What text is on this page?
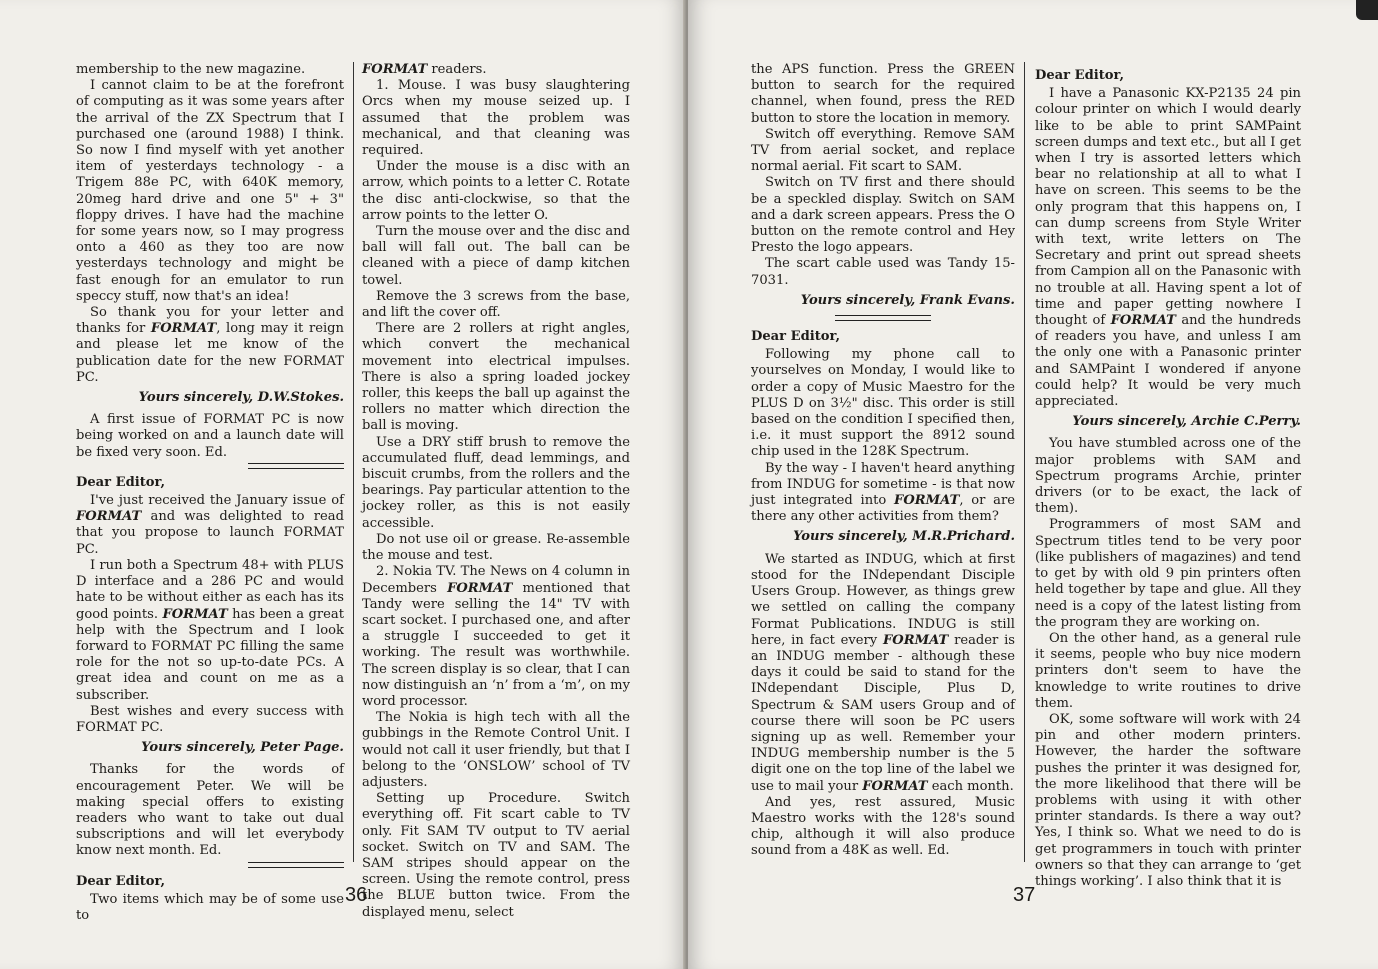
membership to the new magazine.

I cannot claim to be at the forefront of computing as it was some years after the arrival of the ZX Spectrum that I purchased one (around 1988) I think. So now I find myself with yet another item of yesterdays technology - a Trigem 88e PC, with 640K memory, 20meg hard drive and one 5" + 3" floppy drives. I have had the machine for some years now, so I may progress onto a 460 as they too are now yesterdays technology and might be fast enough for an emulator to run speccy stuff, now that's an idea!

So thank you for your letter and thanks for FORMAT, long may it reign and please let me know of the publication date for the new FORMAT PC.

Yours sincerely, D.W.Stokes.

A first issue of FORMAT PC is now being worked on and a launch date will be fixed very soon. Ed.

Dear Editor,

I've just received the January issue of FORMAT and was delighted to read that you propose to launch FORMAT PC.

I run both a Spectrum 48+ with PLUS D interface and a 286 PC and would hate to be without either as each has its good points. FORMAT has been a great help with the Spectrum and I look forward to FORMAT PC filling the same role for the not so up-to-date PCs. A great idea and count on me as a subscriber.

Best wishes and every success with FORMAT PC.

Yours sincerely, Peter Page.

Thanks for the words of encouragement Peter. We will be making special offers to existing readers who want to take out dual subscriptions and will let everybody know next month. Ed.

Dear Editor,

Two items which may be of some use to

FORMAT readers.

1. Mouse. I was busy slaughtering Orcs when my mouse seized up. I assumed that the problem was mechanical, and that cleaning was required.

Under the mouse is a disc with an arrow, which points to a letter C. Rotate the disc anti-clockwise, so that the arrow points to the letter O.

Turn the mouse over and the disc and ball will fall out. The ball can be cleaned with a piece of damp kitchen towel.

Remove the 3 screws from the base, and lift the cover off.

There are 2 rollers at right angles, which convert the mechanical movement into electrical impulses. There is also a spring loaded jockey roller, this keeps the ball up against the rollers no matter which direction the ball is moving.

Use a DRY stiff brush to remove the accumulated fluff, dead lemmings, and biscuit crumbs, from the rollers and the bearings. Pay particular attention to the jockey roller, as this is not easily accessible.

Do not use oil or grease. Re-assemble the mouse and test.

2. Nokia TV. The News on 4 column in Decembers FORMAT mentioned that Tandy were selling the 14" TV with scart socket. I purchased one, and after a struggle I succeeded to get it working. The result was worthwhile. The screen display is so clear, that I can now distinguish an ‘n’ from a ‘m’, on my word processor.

The Nokia is high tech with all the gubbings in the Remote Control Unit. I would not call it user friendly, but that I belong to the ‘ONSLOW’ school of TV adjusters.

Setting up Procedure. Switch everything off. Fit scart cable to TV only. Fit SAM TV output to TV aerial socket. Switch on TV and SAM. The SAM stripes should appear on the screen. Using the remote control, press the BLUE button twice. From the displayed menu, select

36

the APS function. Press the GREEN button to search for the required channel, when found, press the RED button to store the location in memory.

Switch off everything. Remove SAM TV from aerial socket, and replace normal aerial. Fit scart to SAM.

Switch on TV first and there should be a speckled display. Switch on SAM and a dark screen appears. Press the O button on the remote control and Hey Presto the logo appears.

The scart cable used was Tandy 15-7031.

Yours sincerely, Frank Evans.
Dear Editor,

Following my phone call to yourselves on Monday, I would like to order a copy of Music Maestro for the PLUS D on 3½" disc. This order is still based on the condition I specified then, i.e. it must support the 8912 sound chip used in the 128K Spectrum.

By the way - I haven't heard anything from INDUG for sometime - is that now just integrated into FORMAT, or are there any other activities from them?

Yours sincerely, M.R.Prichard.

We started as INDUG, which at first stood for the INdependant Disciple Users Group. However, as things grew we settled on calling the company Format Publications. INDUG is still here, in fact every FORMAT reader is an INDUG member - although these days it could be said to stand for the INdependant Disciple, Plus D, Spectrum & SAM users Group and of course there will soon be PC users signing up as well. Remember your INDUG membership number is the 5 digit one on the top line of the label we use to mail your FORMAT each month.

And yes, rest assured, Music Maestro works with the 128's sound chip, although it will also produce sound from a 48K as well. Ed.

Dear Editor,

I have a Panasonic KX-P2135 24 pin colour printer on which I would dearly like to be able to print SAMPaint screen dumps and text etc., but all I get when I try is assorted letters which bear no relationship at all to what I have on screen. This seems to be the only program that this happens on, I can dump screens from Style Writer with text, write letters on The Secretary and print out spread sheets from Campion all on the Panasonic with no trouble at all. Having spent a lot of time and paper getting nowhere I thought of FORMAT and the hundreds of readers you have, and unless I am the only one with a Panasonic printer and SAMPaint I wondered if anyone could help? It would be very much appreciated.

Yours sincerely, Archie C.Perry.

You have stumbled across one of the major problems with SAM and Spectrum programs Archie, printer drivers (or to be exact, the lack of them).

Programmers of most SAM and Spectrum titles tend to be very poor (like publishers of magazines) and tend to get by with old 9 pin printers often held together by tape and glue. All they need is a copy of the latest listing from the program they are working on.

On the other hand, as a general rule it seems, people who buy nice modern printers don't seem to have the knowledge to write routines to drive them.

OK, some software will work with 24 pin and other modern printers. However, the harder the software pushes the printer it was designed for, the more likelihood that there will be problems with using it with other printer standards. Is there a way out? Yes, I think so. What we need to do is get programmers in touch with printer owners so that they can arrange to ‘get things working’. I also think that it is

37
